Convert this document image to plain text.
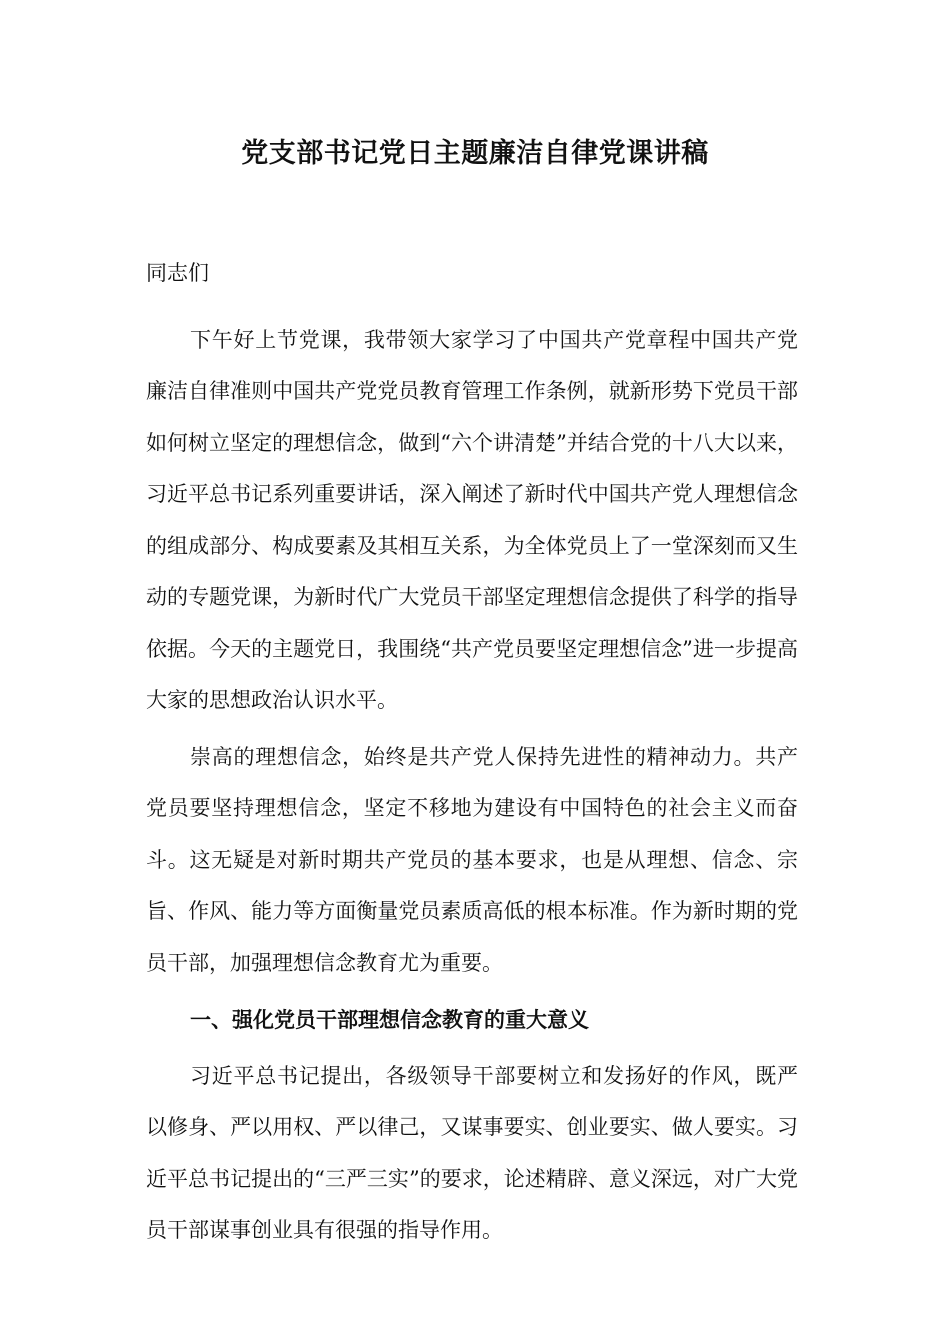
党支部书记党日主题廉洁自律党课讲稿

同志们

下午好上节党课，我带领大家学习了中国共产党章程中国共产党廉洁自律准则中国共产党党员教育管理工作条例，就新形势下党员干部如何树立坚定的理想信念，做到“六个讲清楚”并结合党的十八大以来，习近平总书记系列重要讲话，深入阐述了新时代中国共产党人理想信念的组成部分、构成要素及其相互关系，为全体党员上了一堂深刻而又生动的专题党课，为新时代广大党员干部坚定理想信念提供了科学的指导依据。今天的主题党日，我围绕“共产党员要坚定理想信念”进一步提高大家的思想政治认识水平。

崇高的理想信念，始终是共产党人保持先进性的精神动力。共产党员要坚持理想信念，坚定不移地为建设有中国特色的社会主义而奋斗。这无疑是对新时期共产党员的基本要求，也是从理想、信念、宗旨、作风、能力等方面衡量党员素质高低的根本标准。作为新时期的党员干部，加强理想信念教育尤为重要。

一、强化党员干部理想信念教育的重大意义

习近平总书记提出，各级领导干部要树立和发扬好的作风，既严以修身、严以用权、严以律己，又谋事要实、创业要实、做人要实。习近平总书记提出的“三严三实”的要求，论述精辟、意义深远，对广大党员干部谋事创业具有很强的指导作用。
